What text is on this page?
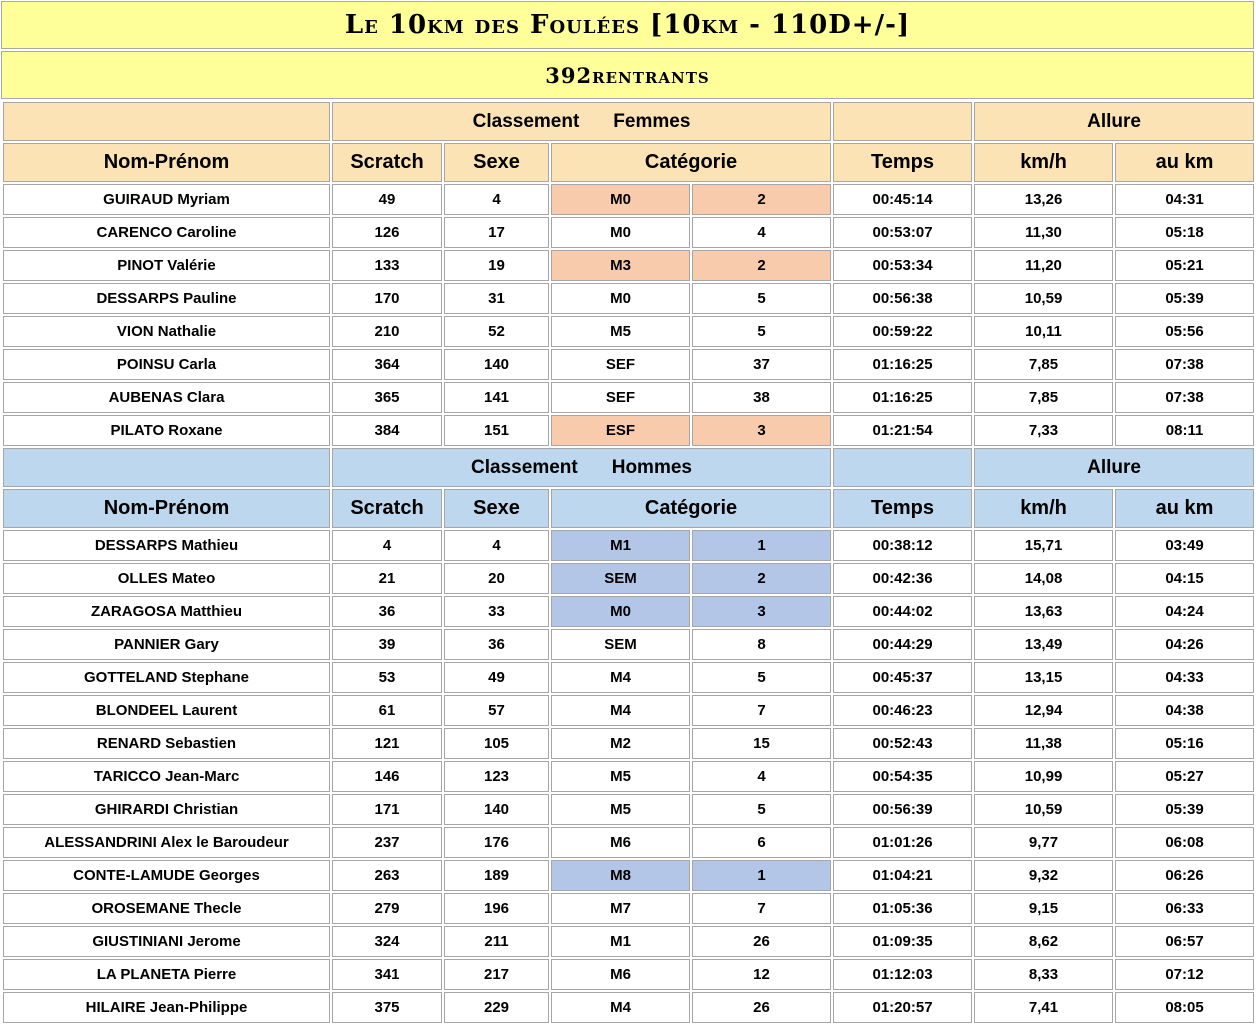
Le 10km des Foulées [10km - 110D+/-]
392rentrants
	Classement Femmes					Allure	
Nom-Prénom	Scratch	Sexe	Catégorie		Temps	km/h	au km
GUIRAUD Myriam	49	4	M0	2	00:45:14	13,26	04:31
CARENCO Caroline	126	17	M0	4	00:53:07	11,30	05:18
PINOT Valérie	133	19	M3	2	00:53:34	11,20	05:21
DESSARPS Pauline	170	31	M0	5	00:56:38	10,59	05:39
VION Nathalie	210	52	M5	5	00:59:22	10,11	05:56
POINSU Carla	364	140	SEF	37	01:16:25	7,85	07:38
AUBENAS Clara	365	141	SEF	38	01:16:25	7,85	07:38
PILATO Roxane	384	151	ESF	3	01:21:54	7,33	08:11
	Classement Hommes					Allure	
Nom-Prénom	Scratch	Sexe	Catégorie		Temps	km/h	au km
DESSARPS Mathieu	4	4	M1	1	00:38:12	15,71	03:49
OLLES Mateo	21	20	SEM	2	00:42:36	14,08	04:15
ZARAGOSA Matthieu	36	33	M0	3	00:44:02	13,63	04:24
PANNIER Gary	39	36	SEM	8	00:44:29	13,49	04:26
GOTTELAND Stephane	53	49	M4	5	00:45:37	13,15	04:33
BLONDEEL Laurent	61	57	M4	7	00:46:23	12,94	04:38
RENARD Sebastien	121	105	M2	15	00:52:43	11,38	05:16
TARICCO Jean-Marc	146	123	M5	4	00:54:35	10,99	05:27
GHIRARDI Christian	171	140	M5	5	00:56:39	10,59	05:39
ALESSANDRINI Alex le Baroudeur	237	176	M6	6	01:01:26	9,77	06:08
CONTE-LAMUDE Georges	263	189	M8	1	01:04:21	9,32	06:26
OROSEMANE Thecle	279	196	M7	7	01:05:36	9,15	06:33
GIUSTINIANI Jerome	324	211	M1	26	01:09:35	8,62	06:57
LA PLANETA Pierre	341	217	M6	12	01:12:03	8,33	07:12
HILAIRE Jean-Philippe	375	229	M4	26	01:20:57	7,41	08:05
